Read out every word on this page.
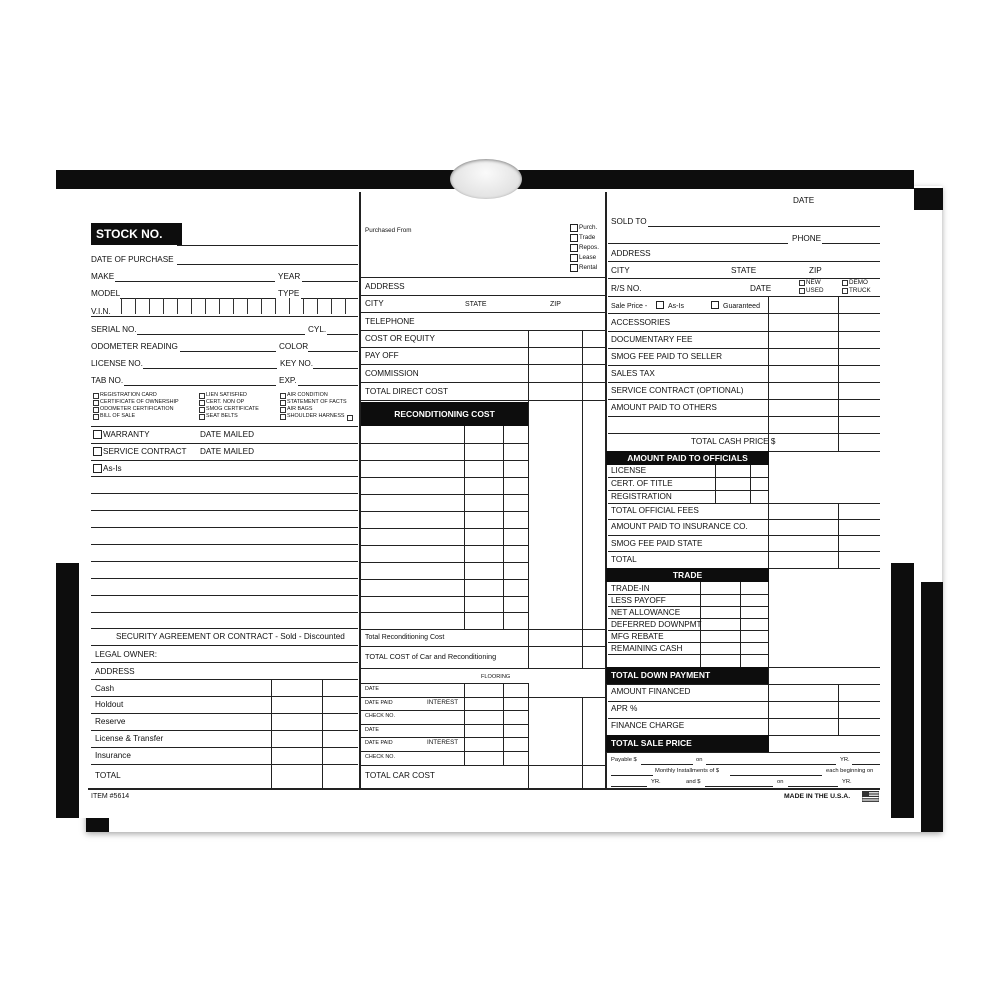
STOCK NO.
DATE OF PURCHASE
MAKE	YEAR
MODEL	TYPE
V.I.N.
SERIAL NO.	CYL.
ODOMETER READING	COLOR
LICENSE NO.	KEY NO.
TAB NO.	EXP.
REGISTRATION CARD
CERTIFICATE OF OWNERSHIP
ODOMETER CERTIFICATION
BILL OF SALE
LIEN SATISFIED
CERT. NON OP
SMOG CERTIFICATE
SEAT BELTS
AIR CONDITION
STATEMENT OF FACTS
AIR BAGS
SHOULDER HARNESS
WARRANTY	DATE MAILED
SERVICE CONTRACT DATE MAILED
As-Is
SECURITY AGREEMENT OR CONTRACT - Sold - Discounted
LEGAL OWNER:
ADDRESS
Cash
Holdout
Reserve
License & Transfer
Insurance
TOTAL
ITEM #5614
Purchased From	Purch.
Trade
Repos.
Lease
Rental
ADDRESS
CITY	STATE	ZIP
TELEPHONE
COST OR EQUITY
PAY OFF
COMMISSION
TOTAL DIRECT COST
RECONDITIONING COST
Total Reconditioning Cost
TOTAL COST of Car and Reconditioning
FLOORING
DATE
DATE PAID	INTEREST
CHECK NO.
DATE
DATE PAID	INTEREST
CHECK NO.
TOTAL CAR COST
DATE
SOLD TO
PHONE
ADDRESS
CITY	STATE	ZIP
R/S NO.	DATE
NEW
USED
DEMO
TRUCK
Sale Price -	As-Is	Guaranteed
ACCESSORIES
DOCUMENTARY FEE
SMOG FEE PAID TO SELLER
SALES TAX
SERVICE CONTRACT (OPTIONAL)
AMOUNT PAID TO OTHERS
TOTAL CASH PRICE $
AMOUNT PAID TO OFFICIALS
LICENSE
CERT. OF TITLE
REGISTRATION
TOTAL OFFICIAL FEES
AMOUNT PAID TO INSURANCE CO.
SMOG FEE PAID STATE
TOTAL
TRADE
TRADE-IN
LESS PAYOFF
NET ALLOWANCE
DEFERRED DOWNPMT
MFG REBATE
REMAINING CASH
TOTAL DOWN PAYMENT
AMOUNT FINANCED
APR %
FINANCE CHARGE
TOTAL SALE PRICE
Payable $	on	YR.
Monthly Installments of $	each beginning on
YR.	and $	on	YR.
MADE IN THE U.S.A.
